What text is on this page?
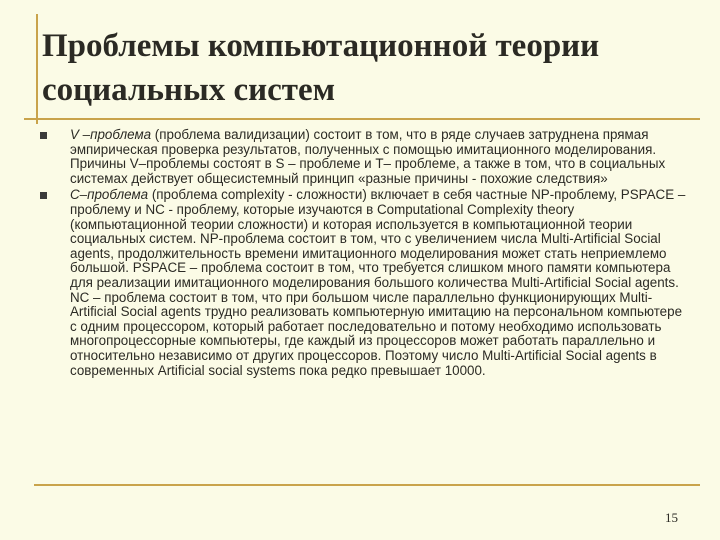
Проблемы компьютационной теории социальных систем
V –проблема (проблема валидизации) состоит в том, что в ряде случаев затруднена прямая эмпирическая проверка результатов, полученных с помощью имитационного моделирования. Причины V–проблемы состоят в S – проблеме и T– проблеме, а также в том, что в социальных системах действует общесистемный принцип «разные причины - похожие следствия»
С–проблема (проблема complexity - сложности) включает в себя частные NP-проблему, PSPACE – проблему и NC - проблему, которые изучаются в Computational Complexity theory (компьютационной теории сложности) и которая используется в компьютационной теории социальных систем. NP-проблема состоит в том, что с увеличением числа Multi-Artificial Social agents, продолжительность времени имитационного моделирования может стать неприемлемо большой. PSPACE – проблема состоит в том, что требуется слишком много памяти компьютера для реализации имитационного моделирования большого количества Multi-Artificial Social agents. NC – проблема состоит в том, что при большом числе параллельно функционирующих Multi-Artificial Social agents трудно реализовать компьютерную имитацию на персональном компьютере с одним процессором, который работает последовательно и потому необходимо использовать многопроцессорные компьютеры, где каждый из процессоров может работать параллельно и относительно независимо от других процессоров. Поэтому число Multi-Artificial Social agents в современных Artificial social systems пока редко превышает 10000.
15
